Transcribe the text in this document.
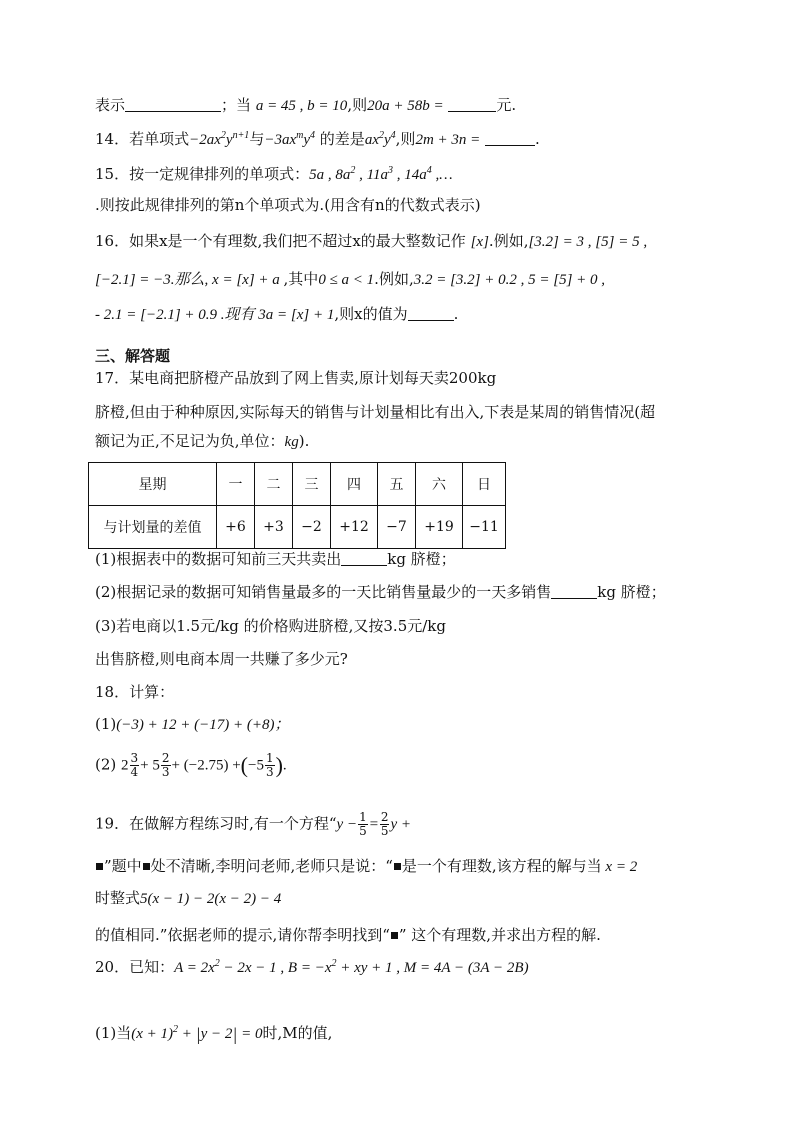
表示	；当 a = 45 , b = 10,则20a + 58b =	元.
14．若单项式$-2ax^2y^{n+1}$与$-3ax^my^4$ 的差是$ax^2y^4$,则2m + 3n =	.
15．按一定规律排列的单项式：5a , $8a^2$ , $11a^3$ , $14a^4$ ,…
.则按此规律排列的第n个单项式为.(用含有n的代数式表示)
16．如果x是一个有理数,我们把不超过x的最大整数记作 [x].例如,[3.2] = 3 , [5] = 5 ,
[−2.1] = −3.那么, x = [x] + a ,其中0 ≤ a < 1.例如,3.2 = [3.2] + 0.2 , 5 = [5] + 0 ,
- 2.1 = [−2.1] + 0.9 .现有 3a = [x] + 1,则x的值为	.
三、解答题
17．某电商把脐橙产品放到了网上售卖,原计划每天卖200kg
脐橙,但由于种种原因,实际每天的销售与计划量相比有出入,下表是某周的销售情况(超
额记为正,不足记为负,单位：kg).
星期	一	二	三	四	五	六	日
与计划量的差值	+6	+3	−2	+12	−7	+19	−11
(1)根据表中的数据可知前三天共卖出	kg 脐橙；
(2)根据记录的数据可知销售量最多的一天比销售量最少的一天多销售	kg 脐橙；
(3)若电商以1.5元/kg 的价格购进脐橙,又按3.5元/kg
出售脐橙,则电商本周一共赚了多少元?
18．计算：
(1)(−3) + 12 + (−17) + (+8)；
(2) $2 \frac{3}{4} + 5 \frac{2}{3} + (-2.75) +(-5 \frac{1}{3}$ ).
19．在做解方程练习时,有一个方程“$y - \frac{1}{5} = \frac{2}{5}$ y +
”题中 处不清晰,李明问老师,老师只是说：“ 是一个有理数,该方程的解与当 x = 2
时整式5(x − 1) − 2(x − 2) − 4
的值相同.”依据老师的提示,请你帮李明找到“ ” 这个有理数,并求出方程的解.
20．已知：$A = 2x^2 - 2x - 1$ , $B = -x^2$ + xy + 1 , M = 4A − (3A − 2B)
(1)当$(x + 1)^2 + |y - 2| = 0$时,M的值,
